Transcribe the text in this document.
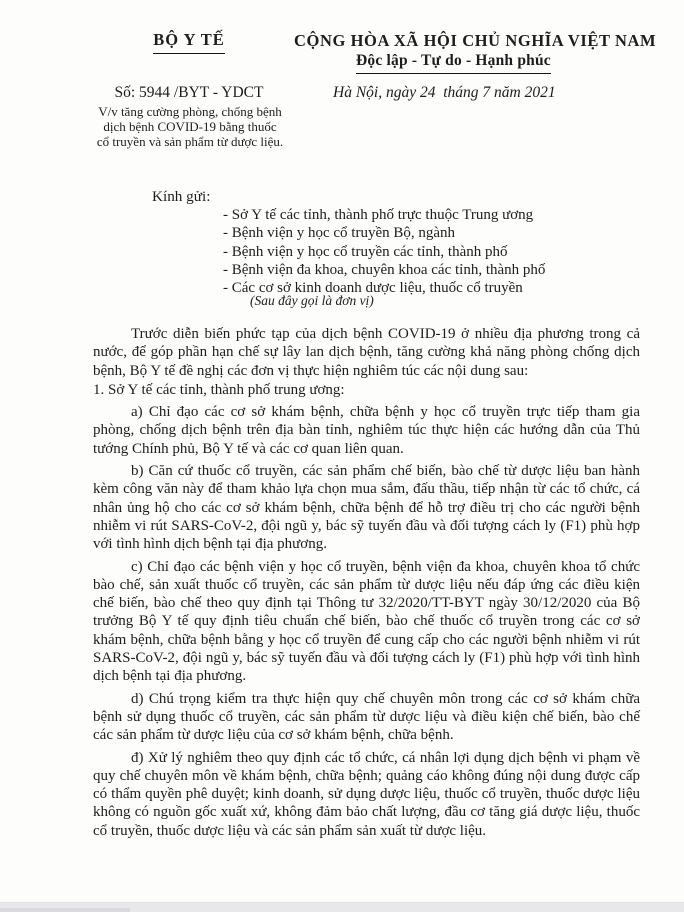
BỘ Y TẾ
Số: 5944 /BYT - YDCT
V/v tăng cường phòng, chống bệnh dịch bệnh COVID-19 bằng thuốc cổ truyền và sản phẩm từ dược liệu.
CỘNG HÒA XÃ HỘI CHỦ NGHĨA VIỆT NAM
Độc lập - Tự do - Hạnh phúc
Hà Nội, ngày 24  tháng 7 năm 2021
Kính gửi:
- Sở Y tế các tỉnh, thành phố trực thuộc Trung ương
- Bệnh viện y học cổ truyền Bộ, ngành
- Bệnh viện y học cổ truyền các tỉnh, thành phố
- Bệnh viện đa khoa, chuyên khoa các tỉnh, thành phố
- Các cơ sở kinh doanh dược liệu, thuốc cổ truyền
(Sau đây gọi là đơn vị)

Trước diễn biến phức tạp của dịch bệnh COVID-19 ở nhiều địa phương trong cả nước, để góp phần hạn chế sự lây lan dịch bệnh, tăng cường khả năng phòng chống dịch bệnh, Bộ Y tế đề nghị các đơn vị thực hiện nghiêm túc các nội dung sau:

1. Sở Y tế các tỉnh, thành phố trung ương:

a) Chỉ đạo các cơ sở khám bệnh, chữa bệnh y học cổ truyền trực tiếp tham gia phòng, chống dịch bệnh trên địa bàn tỉnh, nghiêm túc thực hiện các hướng dẫn của Thủ tướng Chính phủ, Bộ Y tế và các cơ quan liên quan.

b) Căn cứ thuốc cổ truyền, các sản phẩm chế biến, bào chế từ dược liệu ban hành kèm công văn này để tham khảo lựa chọn mua sắm, đấu thầu, tiếp nhận từ các tổ chức, cá nhân ủng hộ cho các cơ sở khám bệnh, chữa bệnh để hỗ trợ điều trị cho các người bệnh nhiễm vi rút SARS-CoV-2, đội ngũ y, bác sỹ tuyến đầu và đối tượng cách ly (F1) phù hợp với tình hình dịch bệnh tại địa phương.

c) Chỉ đạo các bệnh viện y học cổ truyền, bệnh viện đa khoa, chuyên khoa tổ chức bào chế, sản xuất thuốc cổ truyền, các sản phẩm từ dược liệu nếu đáp ứng các điều kiện chế biến, bào chế theo quy định tại Thông tư 32/2020/TT-BYT ngày 30/12/2020 của Bộ trưởng Bộ Y tế quy định tiêu chuẩn chế biến, bào chế thuốc cổ truyền trong các cơ sở khám bệnh, chữa bệnh bằng y học cổ truyền để cung cấp cho các người bệnh nhiễm vi rút SARS-CoV-2, đội ngũ y, bác sỹ tuyến đầu và đối tượng cách ly (F1) phù hợp với tình hình dịch bệnh tại địa phương.

d) Chú trọng kiểm tra thực hiện quy chế chuyên môn trong các cơ sở khám chữa bệnh sử dụng thuốc cổ truyền, các sản phẩm từ dược liệu và điều kiện chế biến, bào chế các sản phẩm từ dược liệu của cơ sở khám bệnh, chữa bệnh.

đ) Xử lý nghiêm theo quy định các tổ chức, cá nhân lợi dụng dịch bệnh vi phạm về quy chế chuyên môn về khám bệnh, chữa bệnh; quảng cáo không đúng nội dung được cấp có thẩm quyền phê duyệt; kinh doanh, sử dụng dược liệu, thuốc cổ truyền, thuốc dược liệu không có nguồn gốc xuất xứ, không đảm bảo chất lượng, đầu cơ tăng giá dược liệu, thuốc cổ truyền, thuốc dược liệu và các sản phẩm sản xuất từ dược liệu.
